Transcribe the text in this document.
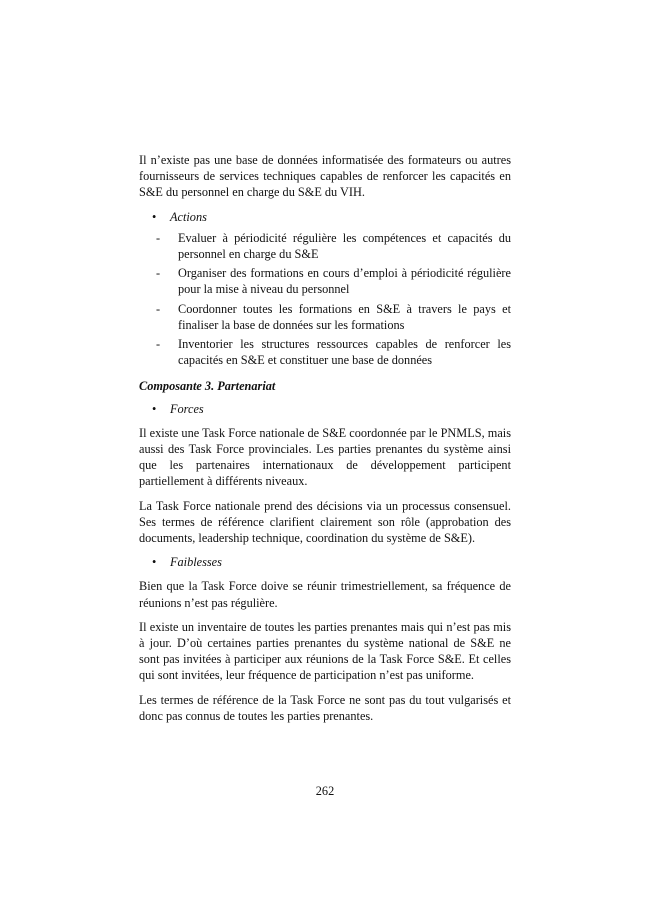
Il n’existe pas une base de données informatisée des formateurs ou autres fournisseurs de services techniques capables de renforcer les capacités en S&E du personnel en charge du S&E du VIH.

•	Actions
-	Evaluer à périodicité régulière les compétences et capacités du personnel en charge du S&E
-	Organiser des formations en cours d’emploi à périodicité régulière pour la mise à niveau du personnel
-	Coordonner toutes les formations en S&E à travers le pays et finaliser la base de données sur les formations
-	Inventorier les structures ressources capables de renforcer les capacités en S&E et constituer une base de données
Composante 3. Partenariat
•	Forces

Il existe une Task Force nationale de S&E coordonnée par le PNMLS, mais aussi des Task Force provinciales. Les parties prenantes du système ainsi que les partenaires internationaux de développement participent partiellement à différents niveaux.

La Task Force nationale prend des décisions via un processus consensuel. Ses termes de référence clarifient clairement son rôle (approbation des documents, leadership technique, coordination du système de S&E).

•	Faiblesses

Bien que la Task Force doive se réunir trimestriellement, sa fréquence de réunions n’est pas régulière.

Il existe un inventaire de toutes les parties prenantes mais qui n’est pas mis à jour. D’où certaines parties prenantes du système national de S&E ne sont pas invitées à participer aux réunions de la Task Force S&E. Et celles qui sont invitées, leur fréquence de participation n’est pas uniforme.

Les termes de référence de la Task Force ne sont pas du tout vulgarisés et donc pas connus de toutes les parties prenantes.

262
